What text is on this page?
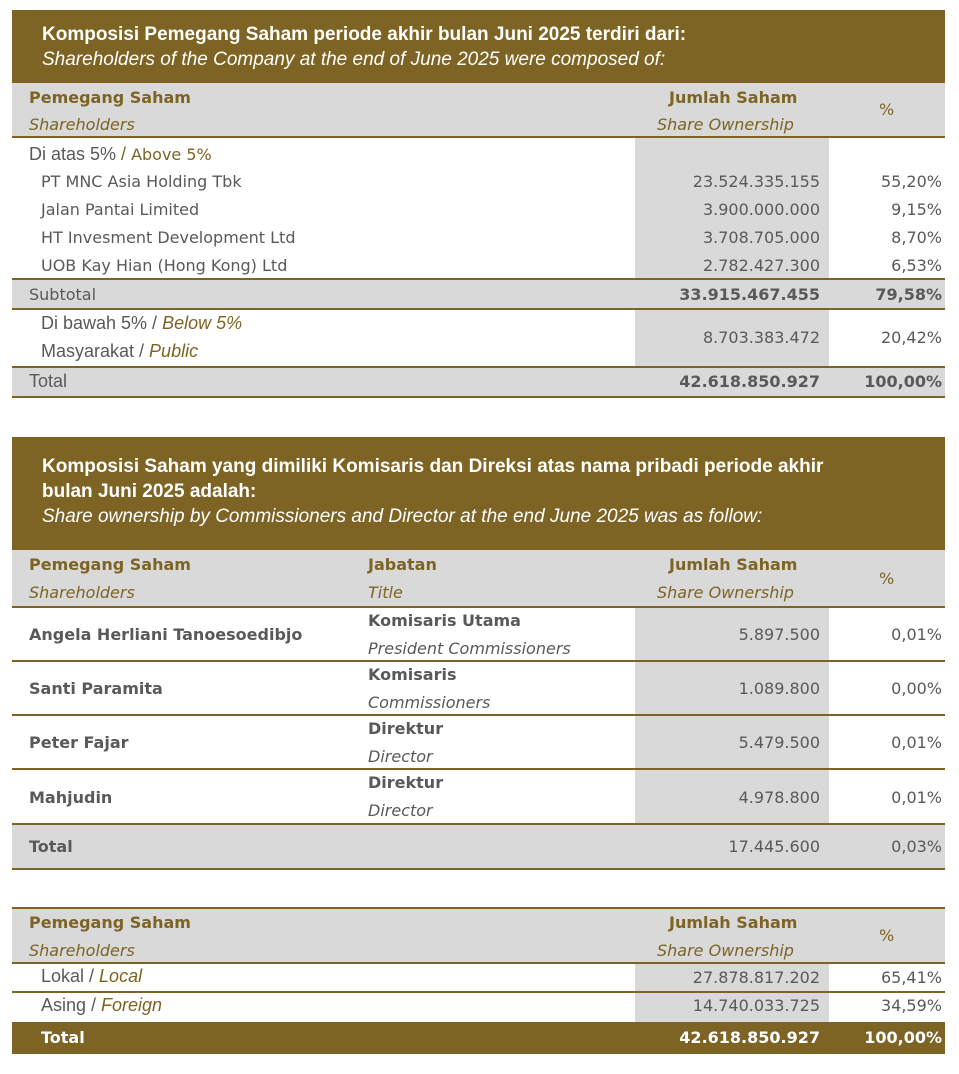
Komposisi Pemegang Saham periode akhir bulan Juni 2025 terdiri dari:
Shareholders of the Company at the end of June 2025 were composed of:
Pemegang Saham
Shareholders
Jumlah Saham
Share Ownership
%
Di atas 5% / Above 5%
PT MNC Asia Holding Tbk	23.524.335.155	55,20%
Jalan Pantai Limited	3.900.000.000	9,15%
HT Invesment Development Ltd	3.708.705.000	8,70%
UOB Kay Hian (Hong Kong) Ltd	2.782.427.300	6,53%
Subtotal	33.915.467.455	79,58%
Di bawah 5% / Below 5%
Masyarakat / Public
8.703.383.472	20,42%
Total	42.618.850.927	100,00%
Komposisi Saham yang dimiliki Komisaris dan Direksi atas nama pribadi periode akhir
bulan Juni 2025 adalah:
Share ownership by Commissioners and Director at the end June 2025 was as follow:
Pemegang Saham
Shareholders
Jabatan
Title
Jumlah Saham
Share Ownership
%
Angela Herliani Tanoesoedibjo
Komisaris Utama
President Commissioners
5.897.500	0,01%
Santi Paramita
Komisaris
Commissioners
1.089.800	0,00%
Peter Fajar
Direktur
Director
5.479.500	0,01%
Mahjudin
Direktur
Director
4.978.800	0,01%
Total	17.445.600	0,03%
Pemegang Saham
Shareholders
Jumlah Saham
Share Ownership
%
Lokal / Local	27.878.817.202	65,41%
Asing / Foreign	14.740.033.725	34,59%
Total	42.618.850.927	100,00%
